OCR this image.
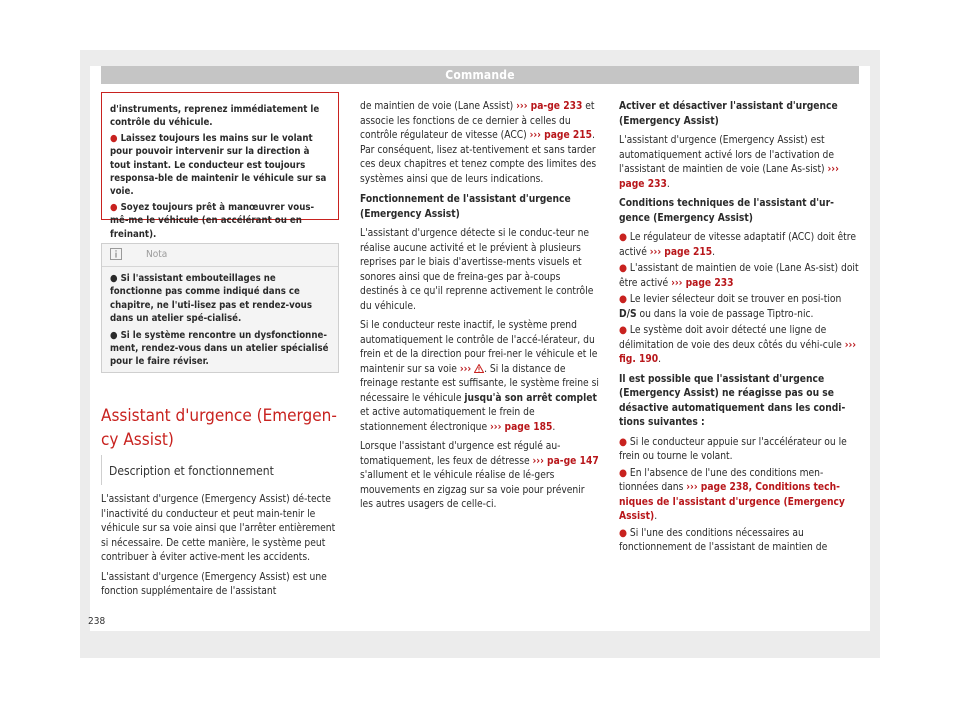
Commande

d'instruments, reprenez immédiatement le contrôle du véhicule.

● Laissez toujours les mains sur le volant pour pouvoir intervenir sur la direction à tout instant. Le conducteur est toujours responsa-ble de maintenir le véhicule sur sa voie.

● Soyez toujours prêt à manœuvrer vous-mê-me le véhicule (en accélérant ou en freinant).

Nota

● Si l'assistant embouteillages ne fonctionne pas comme indiqué dans ce chapitre, ne l'uti-lisez pas et rendez-vous dans un atelier spé-cialisé.

● Si le système rencontre un dysfonctionne-ment, rendez-vous dans un atelier spécialisé pour le faire réviser.

Assistant d'urgence (Emergen-cy Assist)
Description et fonctionnement

L'assistant d'urgence (Emergency Assist) dé-tecte l'inactivité du conducteur et peut main-tenir le véhicule sur sa voie ainsi que l'arrêter entièrement si nécessaire. De cette manière, le système peut contribuer à éviter active-ment les accidents.

L'assistant d'urgence (Emergency Assist) est une fonction supplémentaire de l'assistant

de maintien de voie (Lane Assist) ››› pa-ge 233 et associe les fonctions de ce dernier à celles du contrôle régulateur de vitesse (ACC) ››› page 215. Par conséquent, lisez at-tentivement et sans tarder ces deux chapitres et tenez compte des limites des systèmes ainsi que de leurs indications.

Fonctionnement de l'assistant d'urgence (Emergency Assist)

L'assistant d'urgence détecte si le conduc-teur ne réalise aucune activité et le prévient à plusieurs reprises par le biais d'avertisse-ments visuels et sonores ainsi que de freina-ges par à-coups destinés à ce qu'il reprenne activement le contrôle du véhicule.

Si le conducteur reste inactif, le système prend automatiquement le contrôle de l'accé-lérateur, du frein et de la direction pour frei-ner le véhicule et le maintenir sur sa voie ››› . Si la distance de freinage restante est suffisante, le système freine si nécessaire le véhicule jusqu'à son arrêt complet et active automatiquement le frein de stationnement électronique ››› page 185.

Lorsque l'assistant d'urgence est régulé au-tomatiquement, les feux de détresse ››› pa-ge 147 s'allument et le véhicule réalise de lé-gers mouvements en zigzag sur sa voie pour prévenir les autres usagers de celle-ci.

Activer et désactiver l'assistant d'urgence (Emergency Assist)

L'assistant d'urgence (Emergency Assist) est automatiquement activé lors de l'activation de l'assistant de maintien de voie (Lane As-sist) ››› page 233.

Conditions techniques de l'assistant d'ur-gence (Emergency Assist)

● Le régulateur de vitesse adaptatif (ACC) doit être activé ››› page 215.

● L'assistant de maintien de voie (Lane As-sist) doit être activé ››› page 233

● Le levier sélecteur doit se trouver en posi-tion D/S ou dans la voie de passage Tiptro-nic.

● Le système doit avoir détecté une ligne de délimitation de voie des deux côtés du véhi-cule ››› fig. 190.

Il est possible que l'assistant d'urgence (Emergency Assist) ne réagisse pas ou se désactive automatiquement dans les condi-tions suivantes :

● Si le conducteur appuie sur l'accélérateur ou le frein ou tourne le volant.

● En l'absence de l'une des conditions men-tionnées dans ››› page 238, Conditions tech-niques de l'assistant d'urgence (Emergency Assist).

● Si l'une des conditions nécessaires au fonctionnement de l'assistant de maintien de

238
